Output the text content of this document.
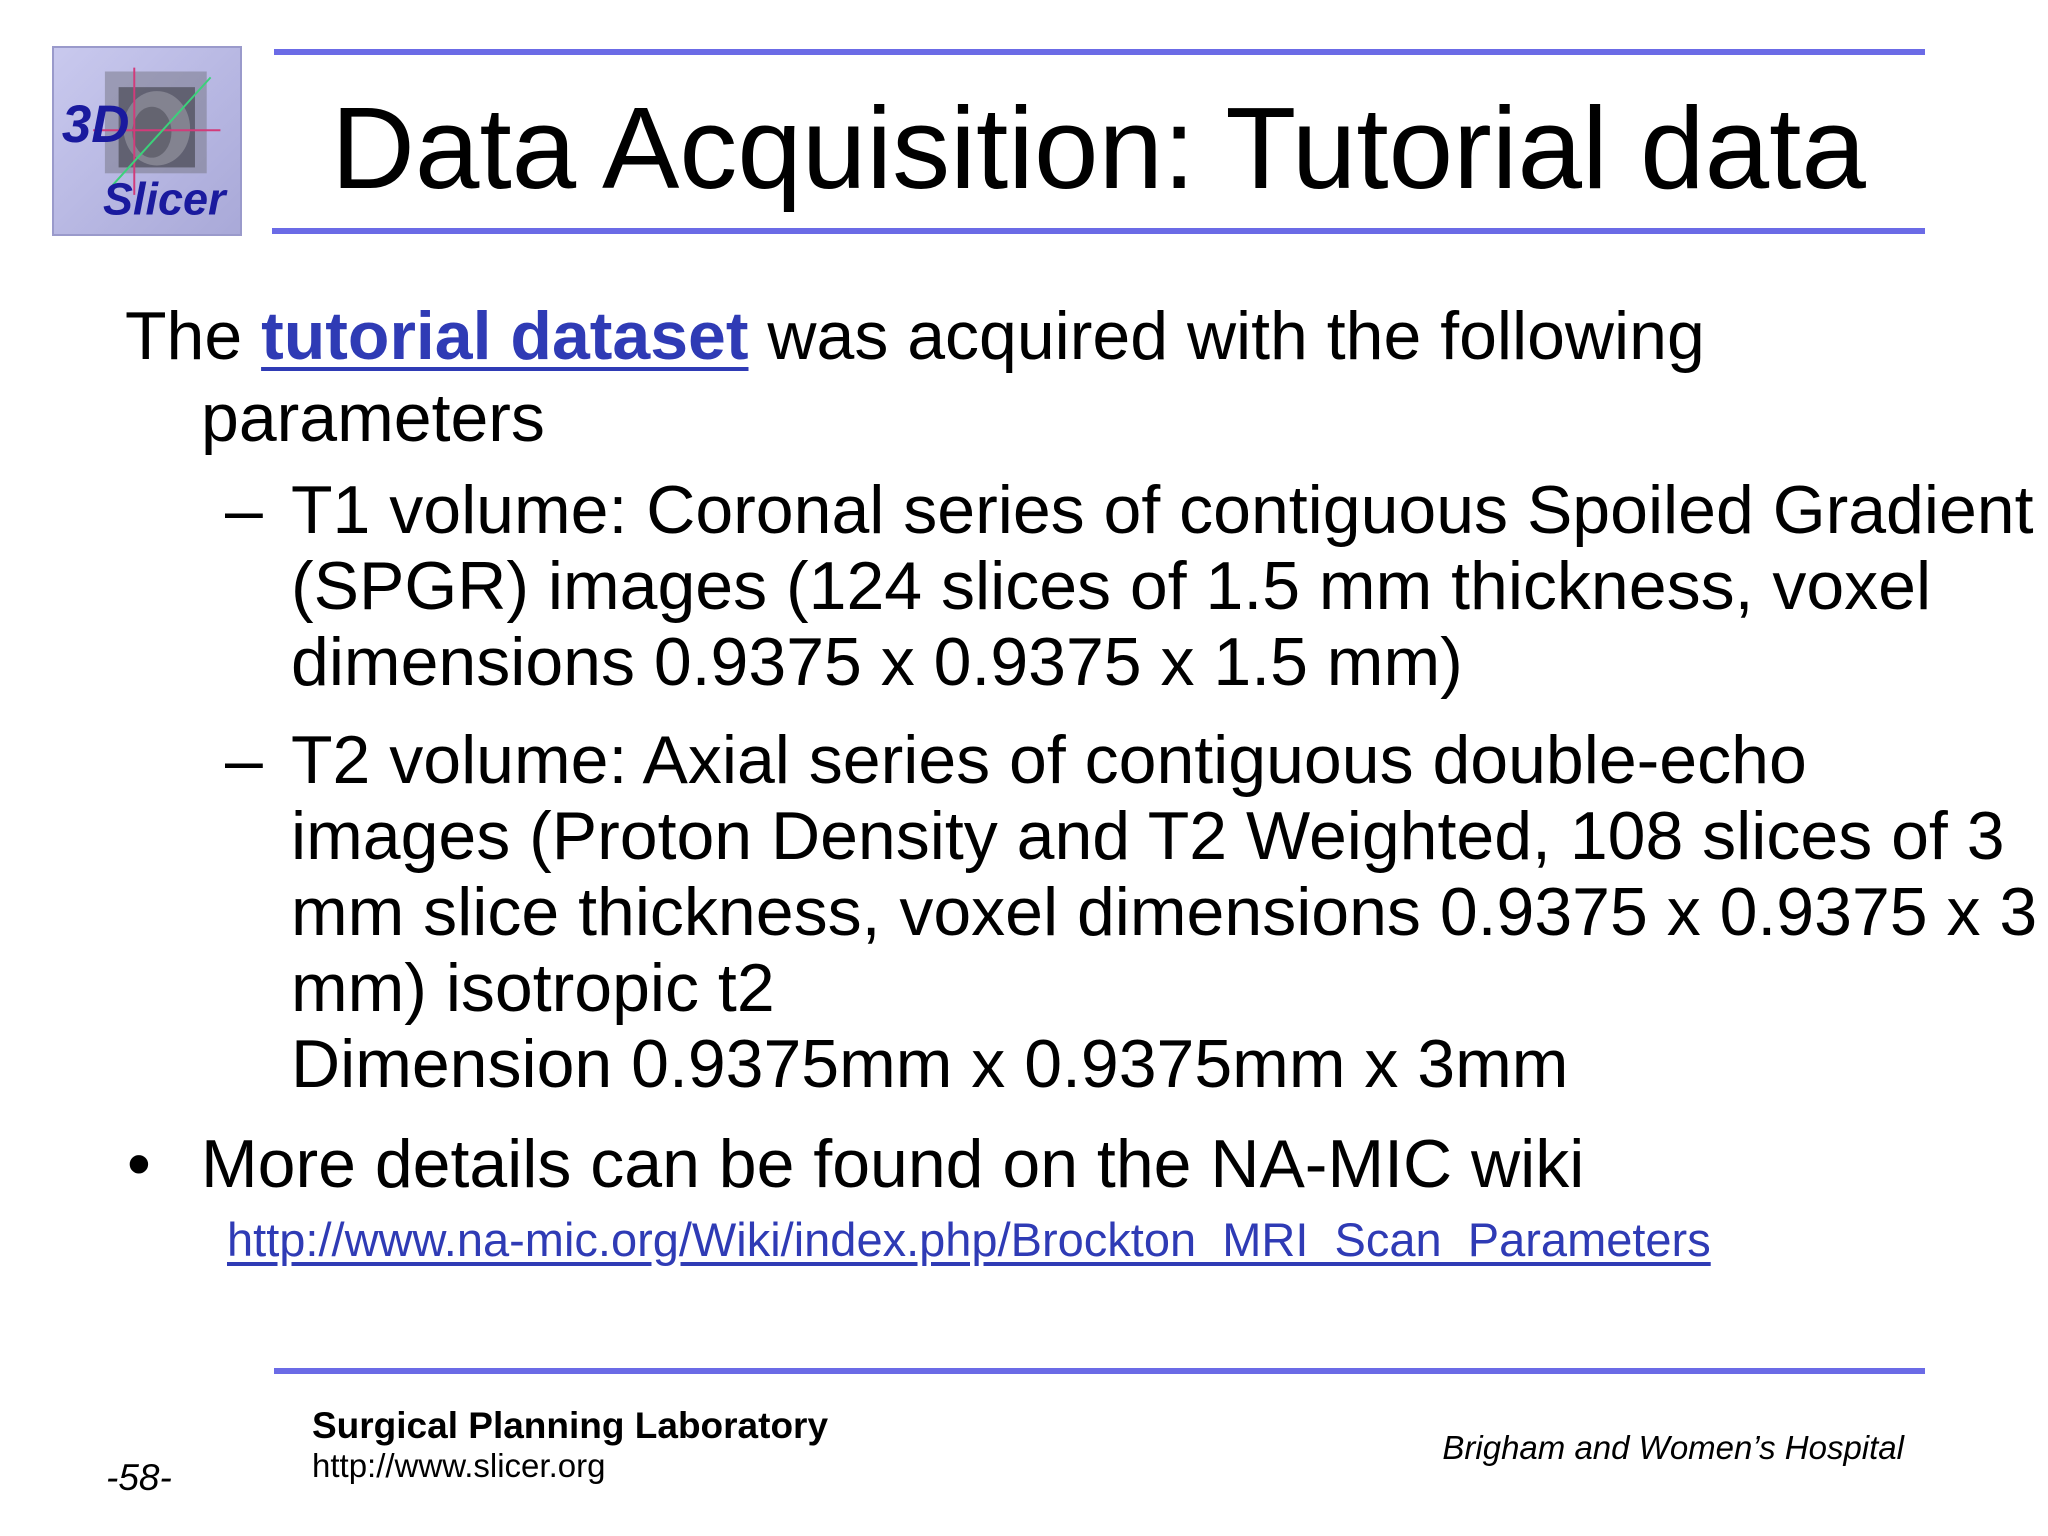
3D
Slicer Data Acquisition: Tutorial data
The tutorial dataset was acquired with the following
parameters
– T1 volume: Coronal series of contiguous Spoiled Gradient
(SPGR) images (124 slices of 1.5 mm thickness, voxel
dimensions 0.9375 x 0.9375 x 1.5 mm)
– T2 volume: Axial series of contiguous double-echo
images (Proton Density and T2 Weighted, 108 slices of 3
mm slice thickness, voxel dimensions 0.9375 x 0.9375 x 3
mm) isotropic t2
Dimension 0.9375mm x 0.9375mm x 3mm
• More details can be found on the NA-MIC wiki
http://www.na-mic.org/Wiki/index.php/Brockton_MRI_Scan_Parameters
Surgical Planning Laboratory
http://www.slicer.org	Brigham and Women’s Hospital
-58-
